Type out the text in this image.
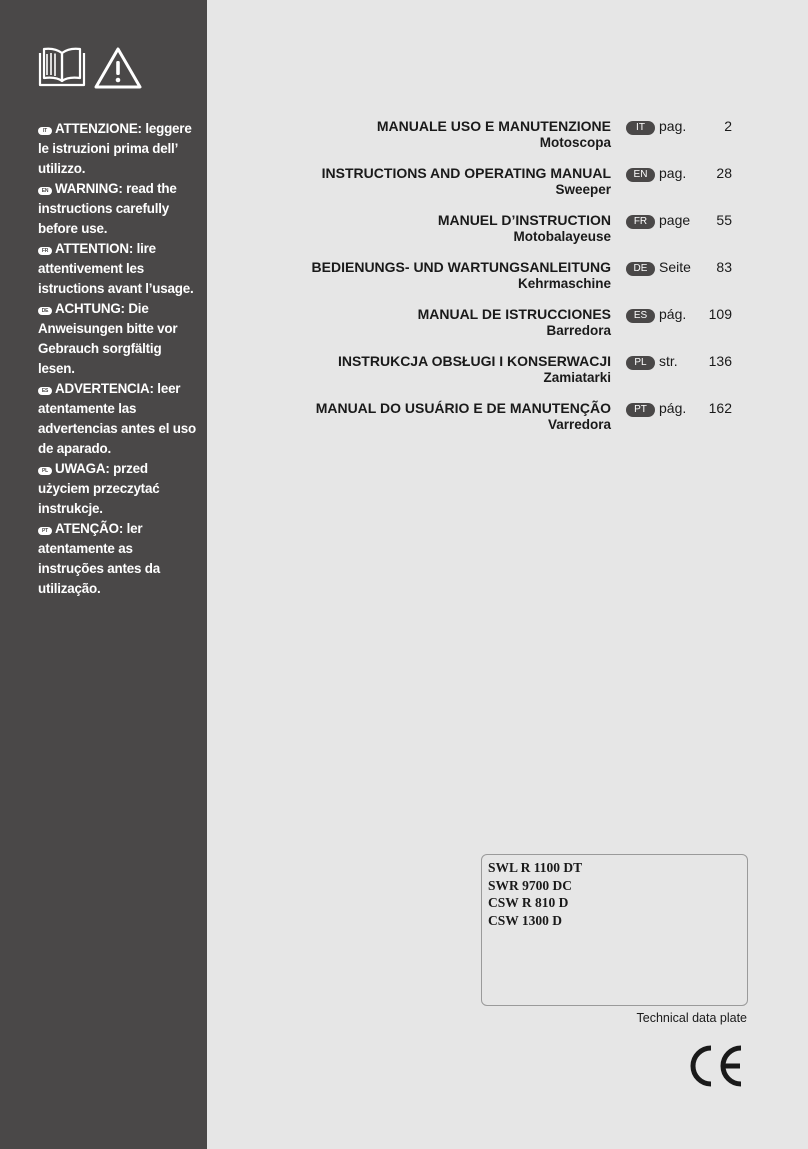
IT ATTENZIONE: leggere le istruzioni prima dell’ utilizzo.
EN WARNING: read the instructions carefully before use.
FR ATTENTION: lire attentivement les istructions avant l’usage.
DE ACHTUNG: Die Anweisungen bitte vor Gebrauch sorgfältig lesen.
ES ADVERTENCIA: leer atentamente las advertencias antes el uso de aparado.
PL UWAGA: przed użyciem przeczytać instrukcje.
PT ATENÇÃO: ler atentamente as instruções antes da utilização.
MANUALE USO E MANUTENZIONE
Motoscopa
IT	pag.	2
INSTRUCTIONS AND OPERATING MANUAL
Sweeper
EN pag. 28
MANUEL D’INSTRUCTION
Motobalayeuse
FR page 55
BEDIENUNGS- UND WARTUNGSANLEITUNG
Kehrmaschine
DE Seite 83
MANUAL DE ISTRUCCIONES
Barredora
ES pág. 109
INSTRUKCJA OBSŁUGI I KONSERWACJI
Zamiatarki
PL str. 136
MANUAL DO USUÁRIO E DE MANUTENÇÃO
Varredora
PT pág. 162
SWL R 1100 DT
SWR 9700 DC
CSW R 810 D
CSW 1300 D
Technical data plate
